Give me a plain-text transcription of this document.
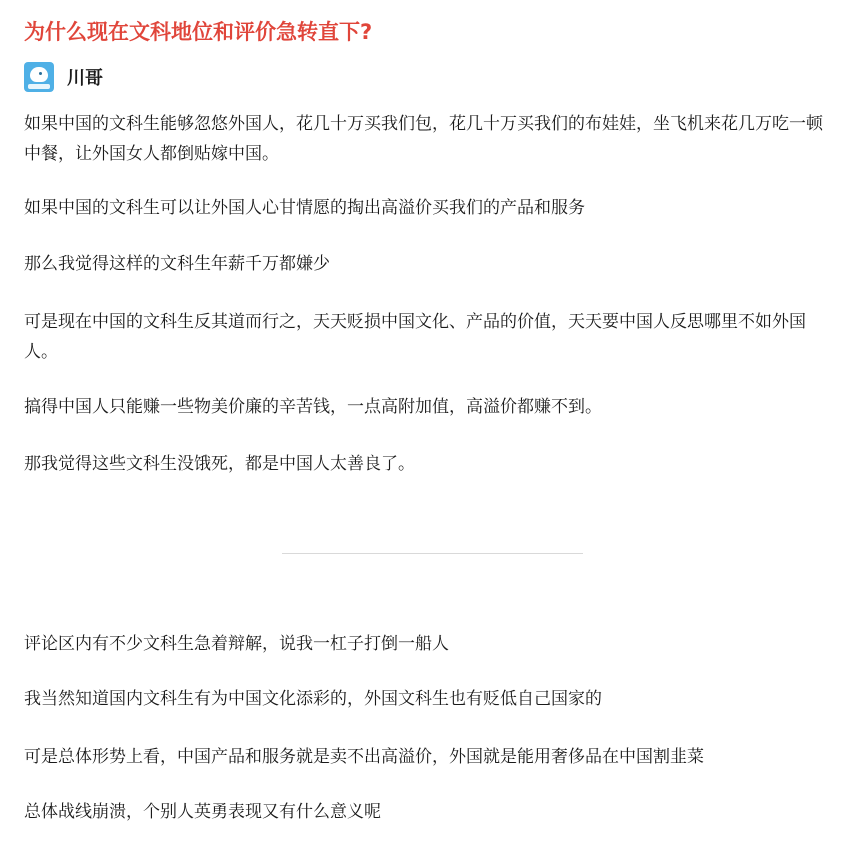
为什么现在文科地位和评价急转直下?
川哥

如果中国的文科生能够忽悠外国人，花几十万买我们包，花几十万买我们的布娃娃，坐飞机来花几万吃一顿中餐，让外国女人都倒贴嫁中国。

如果中国的文科生可以让外国人心甘情愿的掏出高溢价买我们的产品和服务

那么我觉得这样的文科生年薪千万都嫌少

可是现在中国的文科生反其道而行之，天天贬损中国文化、产品的价值，天天要中国人反思哪里不如外国人。

搞得中国人只能赚一些物美价廉的辛苦钱，一点高附加值，高溢价都赚不到。

那我觉得这些文科生没饿死，都是中国人太善良了。

评论区内有不少文科生急着辩解，说我一杠子打倒一船人

我当然知道国内文科生有为中国文化添彩的，外国文科生也有贬低自己国家的

可是总体形势上看，中国产品和服务就是卖不出高溢价，外国就是能用奢侈品在中国割韭菜

总体战线崩溃，个别人英勇表现又有什么意义呢
